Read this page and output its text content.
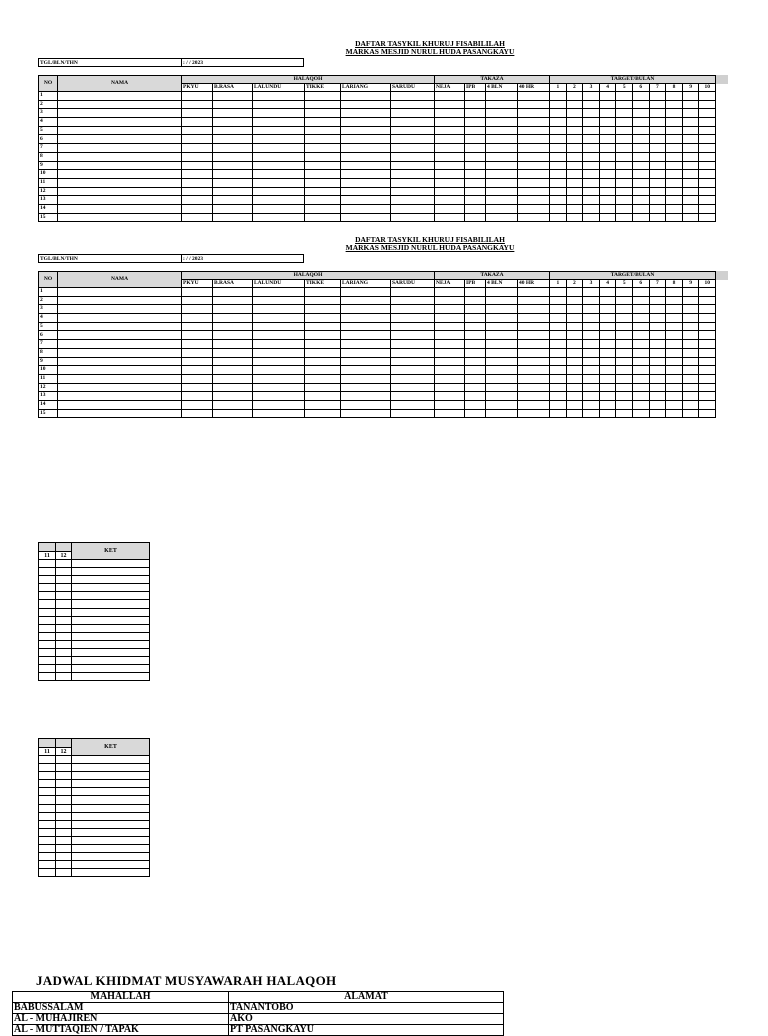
DAFTAR TASYKIL KHURUJ FISABILILAH
MARKAS MESJID NURUL HUDA PASANGKAYU
TGL/BLN/THN	: / / 2023
NO	NAMA	HALAQOH						TAKAZA				TARGET/BULAN									
		PKYU	B.RASA	LALUNDU	TIKKE	LARIANG	SARUDU	NEJA	IPB	4 BLN	40 HR	1	2	3	4	5	6	7	8	9	10
1																					
2																					
3																					
4																					
5																					
6																					
7																					
8																					
9																					
10																					
11																					
12																					
13																					
14																					
15																					
DAFTAR TASYKIL KHURUJ FISABILILAH
MARKAS MESJID NURUL HUDA PASANGKAYU
TGL/BLN/THN	: / / 2023
NO	NAMA	HALAQOH						TAKAZA				TARGET/BULAN									
		PKYU	B.RASA	LALUNDU	TIKKE	LARIANG	SARUDU	NEJA	IPB	4 BLN	40 HR	1	2	3	4	5	6	7	8	9	10
1																					
2																					
3																					
4																					
5																					
6																					
7																					
8																					
9																					
10																					
11																					
12																					
13																					
14																					
15																					
		KET
11	12	

		KET
11	12	

JADWAL KHIDMAT MUSYAWARAH HALAQOH
MAHALLAH	ALAMAT
BABUSSALAM	TANANTOBO
AL - MUHAJIREN	AKO
AL - MUTTAQIEN / TAPAK	PT PASANGKAYU
